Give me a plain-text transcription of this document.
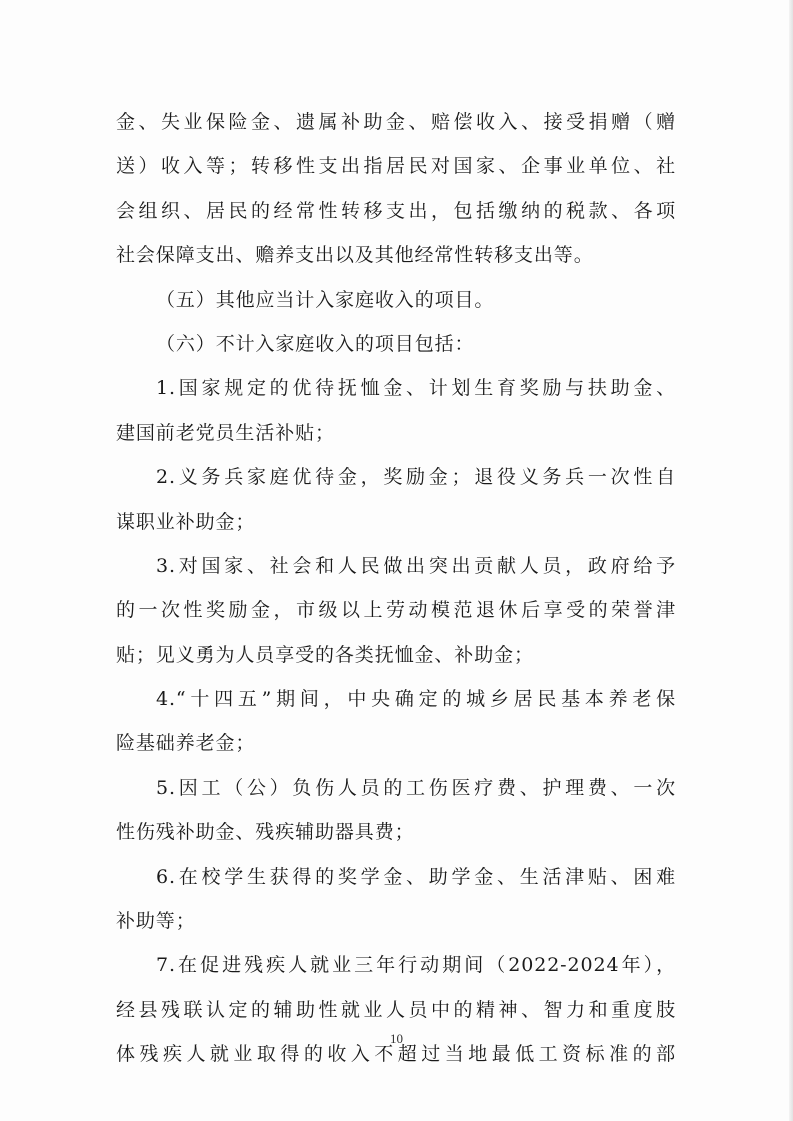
金、失业保险金、遗属补助金、赔偿收入、接受捐赠（赠
送）收入等；转移性支出指居民对国家、企事业单位、社
会组织、居民的经常性转移支出，包括缴纳的税款、各项
社会保障支出、赡养支出以及其他经常性转移支出等。
（五）其他应当计入家庭收入的项目。
（六）不计入家庭收入的项目包括：
1.国家规定的优待抚恤金、计划生育奖励与扶助金、
建国前老党员生活补贴；
2.义务兵家庭优待金，奖励金；退役义务兵一次性自
谋职业补助金；
3.对国家、社会和人民做出突出贡献人员，政府给予
的一次性奖励金，市级以上劳动模范退休后享受的荣誉津
贴；见义勇为人员享受的各类抚恤金、补助金；
4.“十四五”期间，中央确定的城乡居民基本养老保
险基础养老金；
5.因工（公）负伤人员的工伤医疗费、护理费、一次
性伤残补助金、残疾辅助器具费；
6.在校学生获得的奖学金、助学金、生活津贴、困难
补助等；
7.在促进残疾人就业三年行动期间（2022-2024年），
经县残联认定的辅助性就业人员中的精神、智力和重度肢
体残疾人就业取得的收入不超过当地最低工资标准的部
10
